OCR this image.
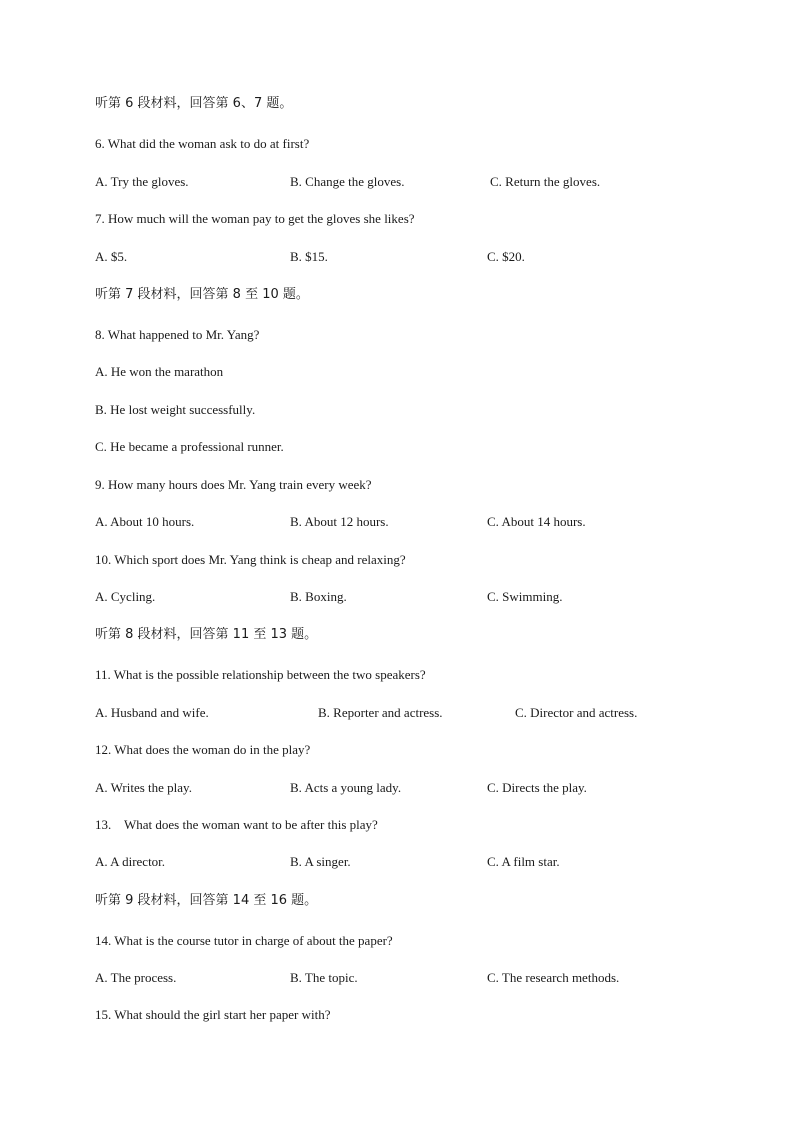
听第 6 段材料，回答第 6、7 题。
6. What did the woman ask to do at first?
A. Try the gloves.	B. Change the gloves.	C. Return the gloves.
7. How much will the woman pay to get the gloves she likes?
A. $5.	B. $15.	C. $20.
听第 7 段材料，回答第 8 至 10 题。
8. What happened to Mr. Yang?
A. He won the marathon
B. He lost weight successfully.
C. He became a professional runner.
9. How many hours does Mr. Yang train every week?
A. About 10 hours.	B. About 12 hours.	C. About 14 hours.
10. Which sport does Mr. Yang think is cheap and relaxing?
A. Cycling.	B. Boxing.	C. Swimming.
听第 8 段材料，回答第 11 至 13 题。
11. What is the possible relationship between the two speakers?
A. Husband and wife.	B. Reporter and actress.	C. Director and actress.
12. What does the woman do in the play?
A. Writes the play.	B. Acts a young lady.	C. Directs the play.
13.    What does the woman want to be after this play?
A. A director.	B. A singer.	C. A film star.
听第 9 段材料，回答第 14 至 16 题。
14. What is the course tutor in charge of about the paper?
A. The process.	B. The topic.	C. The research methods.
15. What should the girl start her paper with?
